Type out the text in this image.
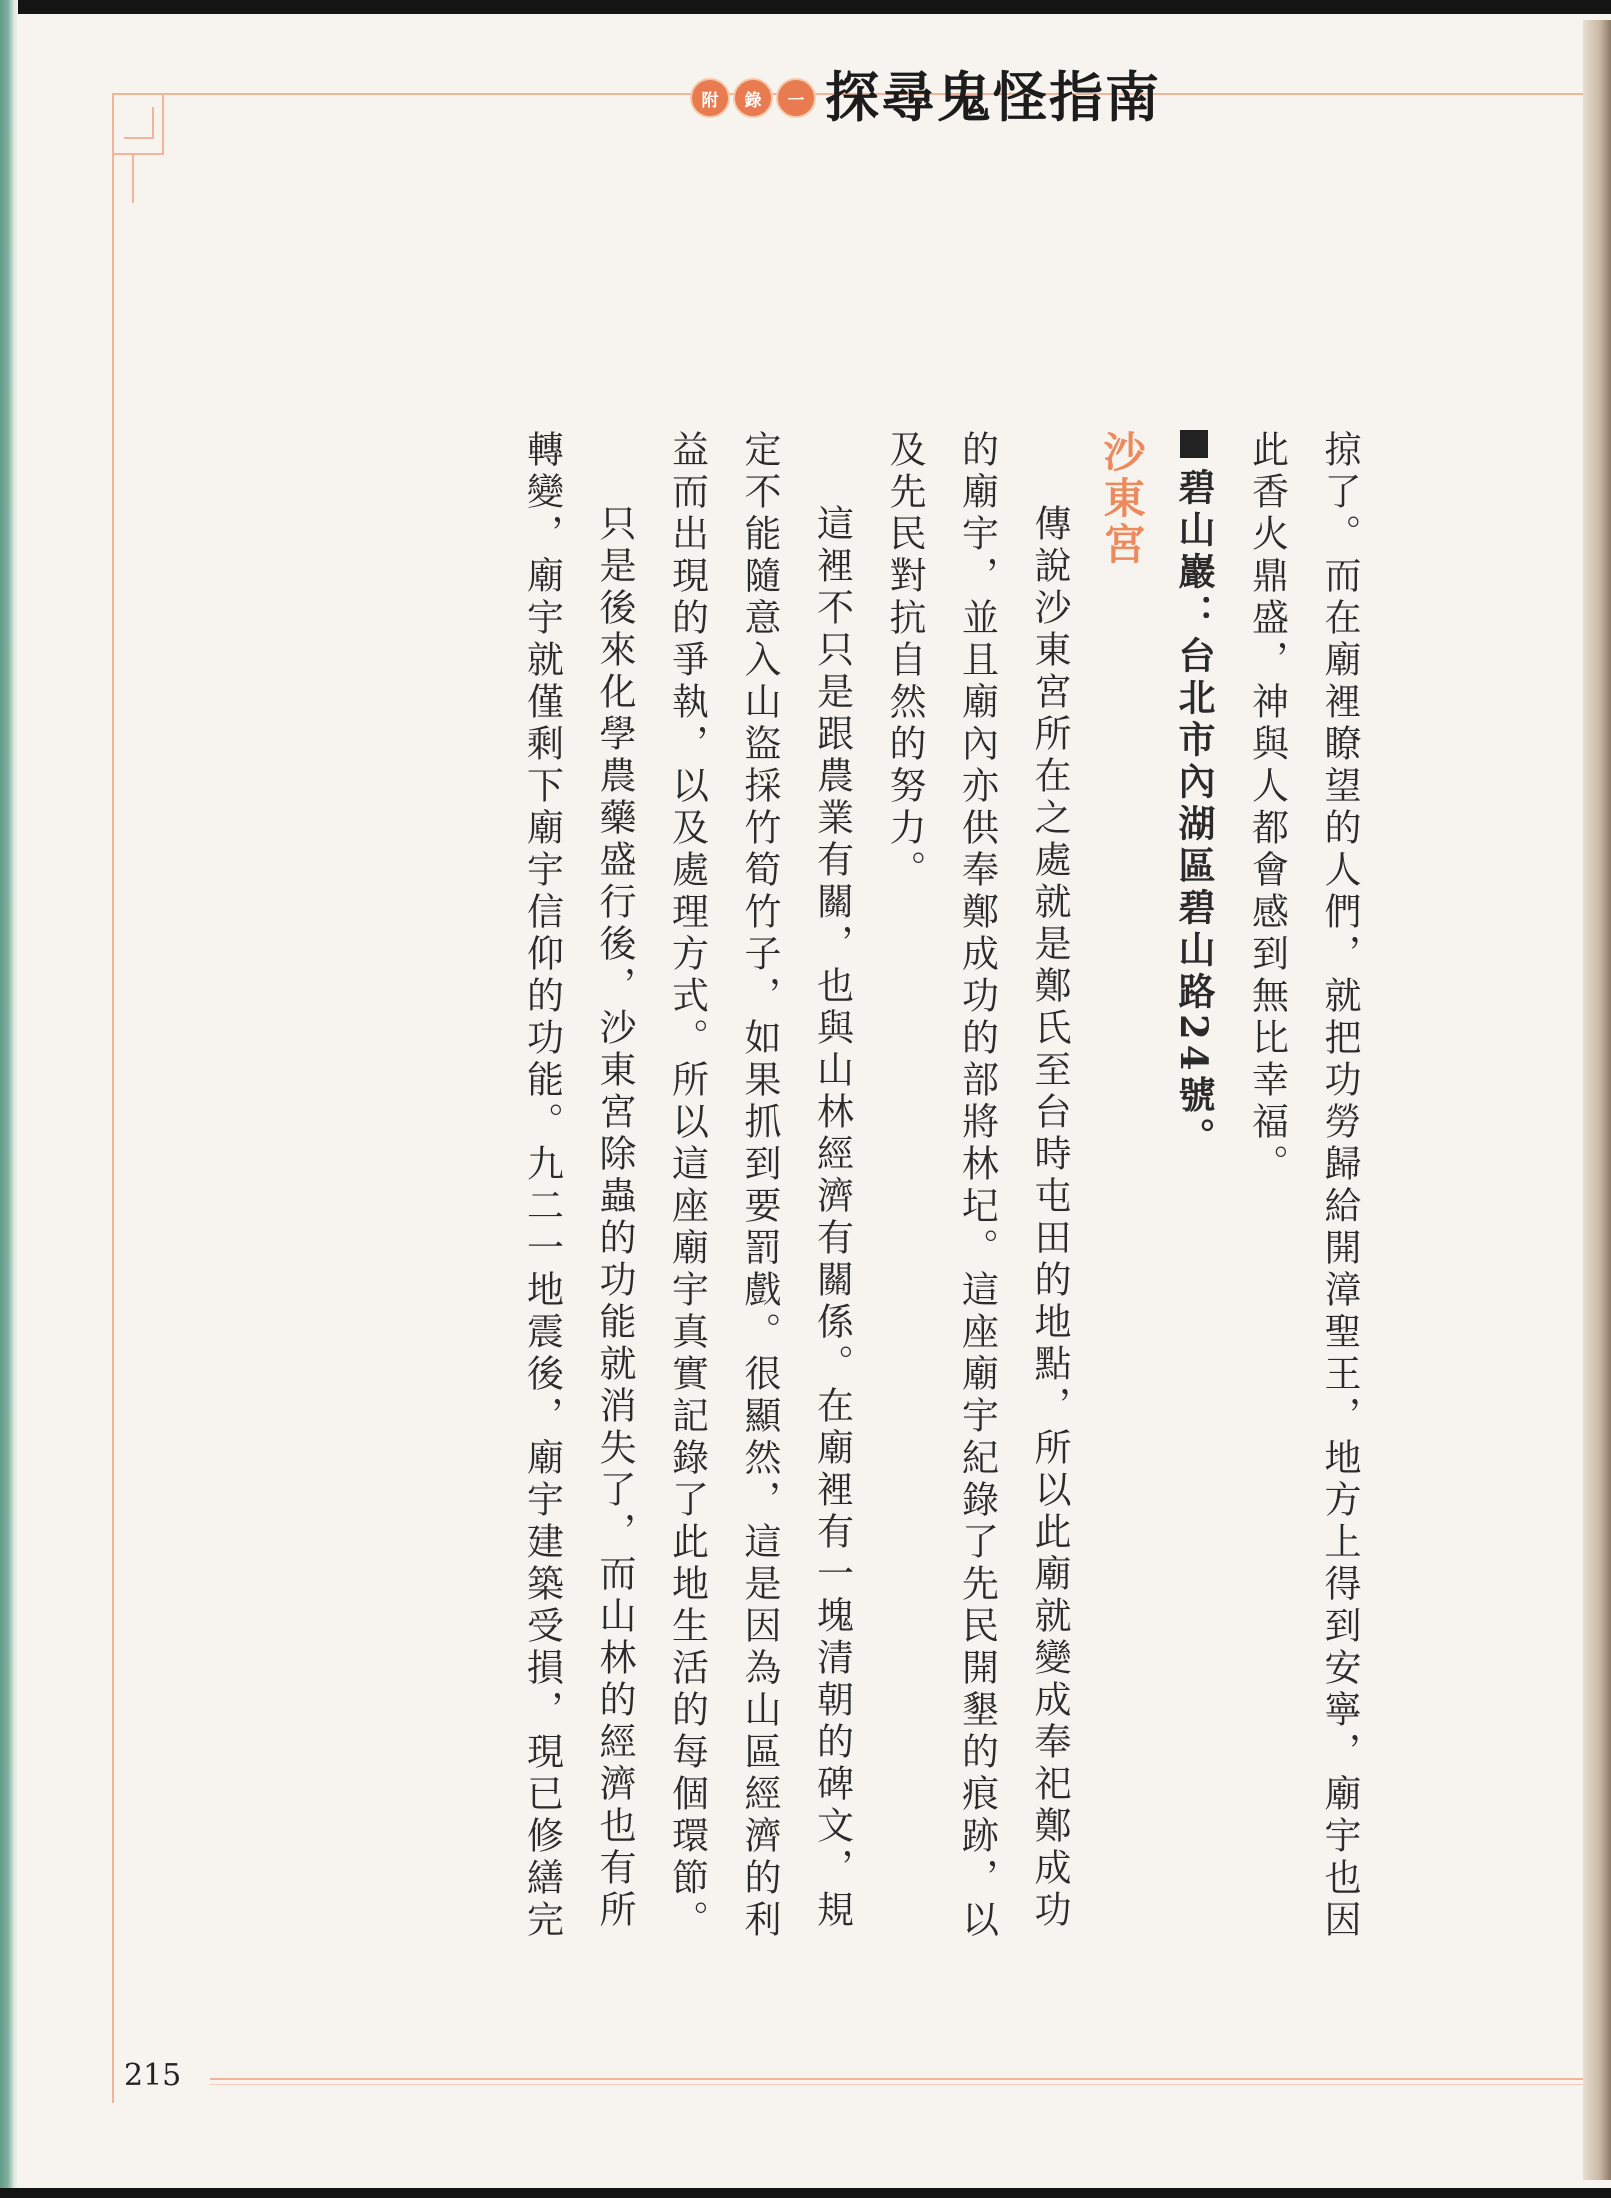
附	錄	一 探尋鬼怪指南

掠了。而在廟裡瞭望的人們，就把功勞歸給開漳聖王，地方上得到安寧，廟宇也因此香火鼎盛，神與人都會感到無比幸福。

碧山巖：台北市內湖區碧山路24號。

沙東宮

傳說沙東宮所在之處就是鄭氏至台時屯田的地點，所以此廟就變成奉祀鄭成功的廟宇，並且廟內亦供奉鄭成功的部將林圮。這座廟宇紀錄了先民開墾的痕跡，以及先民對抗自然的努力。

這裡不只是跟農業有關，也與山林經濟有關係。在廟裡有一塊清朝的碑文，規定不能隨意入山盜採竹筍竹子，如果抓到要罰戲。很顯然，這是因為山區經濟的利益而出現的爭執，以及處理方式。所以這座廟宇真實記錄了此地生活的每個環節。

只是後來化學農藥盛行後，沙東宮除蟲的功能就消失了，而山林的經濟也有所轉變，廟宇就僅剩下廟宇信仰的功能。九二一地震後，廟宇建築受損，現已修繕完

215
